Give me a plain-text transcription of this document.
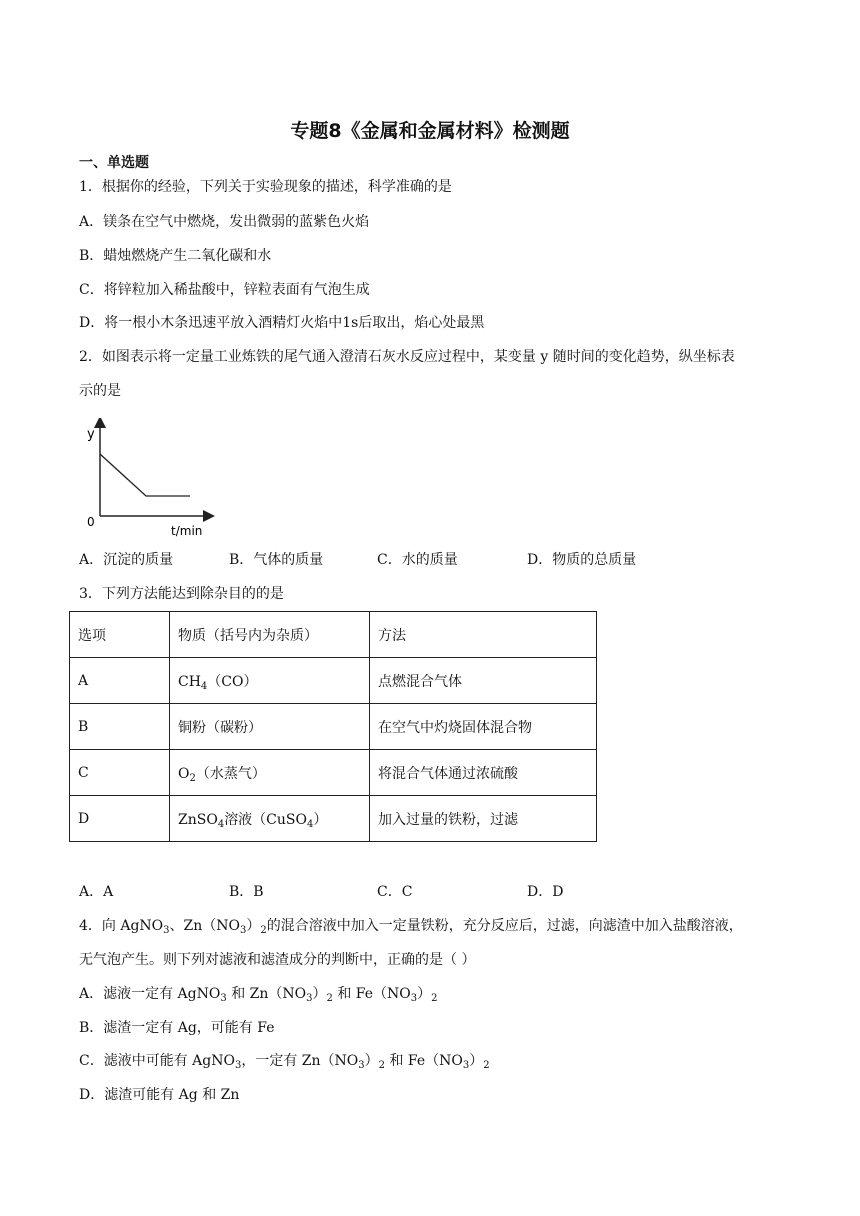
专题8《金属和金属材料》检测题
一、单选题
1．根据你的经验，下列关于实验现象的描述，科学准确的是
A．镁条在空气中燃烧，发出微弱的蓝紫色火焰
B．蜡烛燃烧产生二氧化碳和水
C．将锌粒加入稀盐酸中，锌粒表面有气泡生成
D．将一根小木条迅速平放入酒精灯火焰中1s后取出，焰心处最黑
2．如图表示将一定量工业炼铁的尾气通入澄清石灰水反应过程中，某变量 y 随时间的变化趋势，纵坐标表
示的是
y
0
t/min
A．沉淀的质量	B．气体的质量	C．水的质量	D．物质的总质量
3．下列方法能达到除杂目的的是
选项	物质（括号内为杂质）	方法
A	$CH_4(CO)$	点燃混合气体
B	铜粉（碳粉）	在空气中灼烧固体混合物
C	$O_2$（水蒸气）	将混合气体通过浓硫酸
D	ZnSO$_4$溶液（CuSO$_4$）	加入过量的铁粉，过滤
A．A	B．B	C．C	D．D
4．向 AgNO$_3$、$Zn(NO_3)_2$的混合溶液中加入一定量铁粉，充分反应后，过滤，向滤渣中加入盐酸溶液，
无气泡产生。则下列对滤液和滤渣成分的判断中，正确的是（ ）
A．滤液一定有 AgNO$_3$ 和 $Zn(NO_3)_2$ 和 $Fe(NO_3)_2$
B．滤渣一定有 Ag，可能有 Fe
C．滤液中可能有 AgNO$_3$，一定有 $Zn(NO_3)_2$ 和 $Fe(NO_3)_2$
D．滤渣可能有 Ag 和 Zn
